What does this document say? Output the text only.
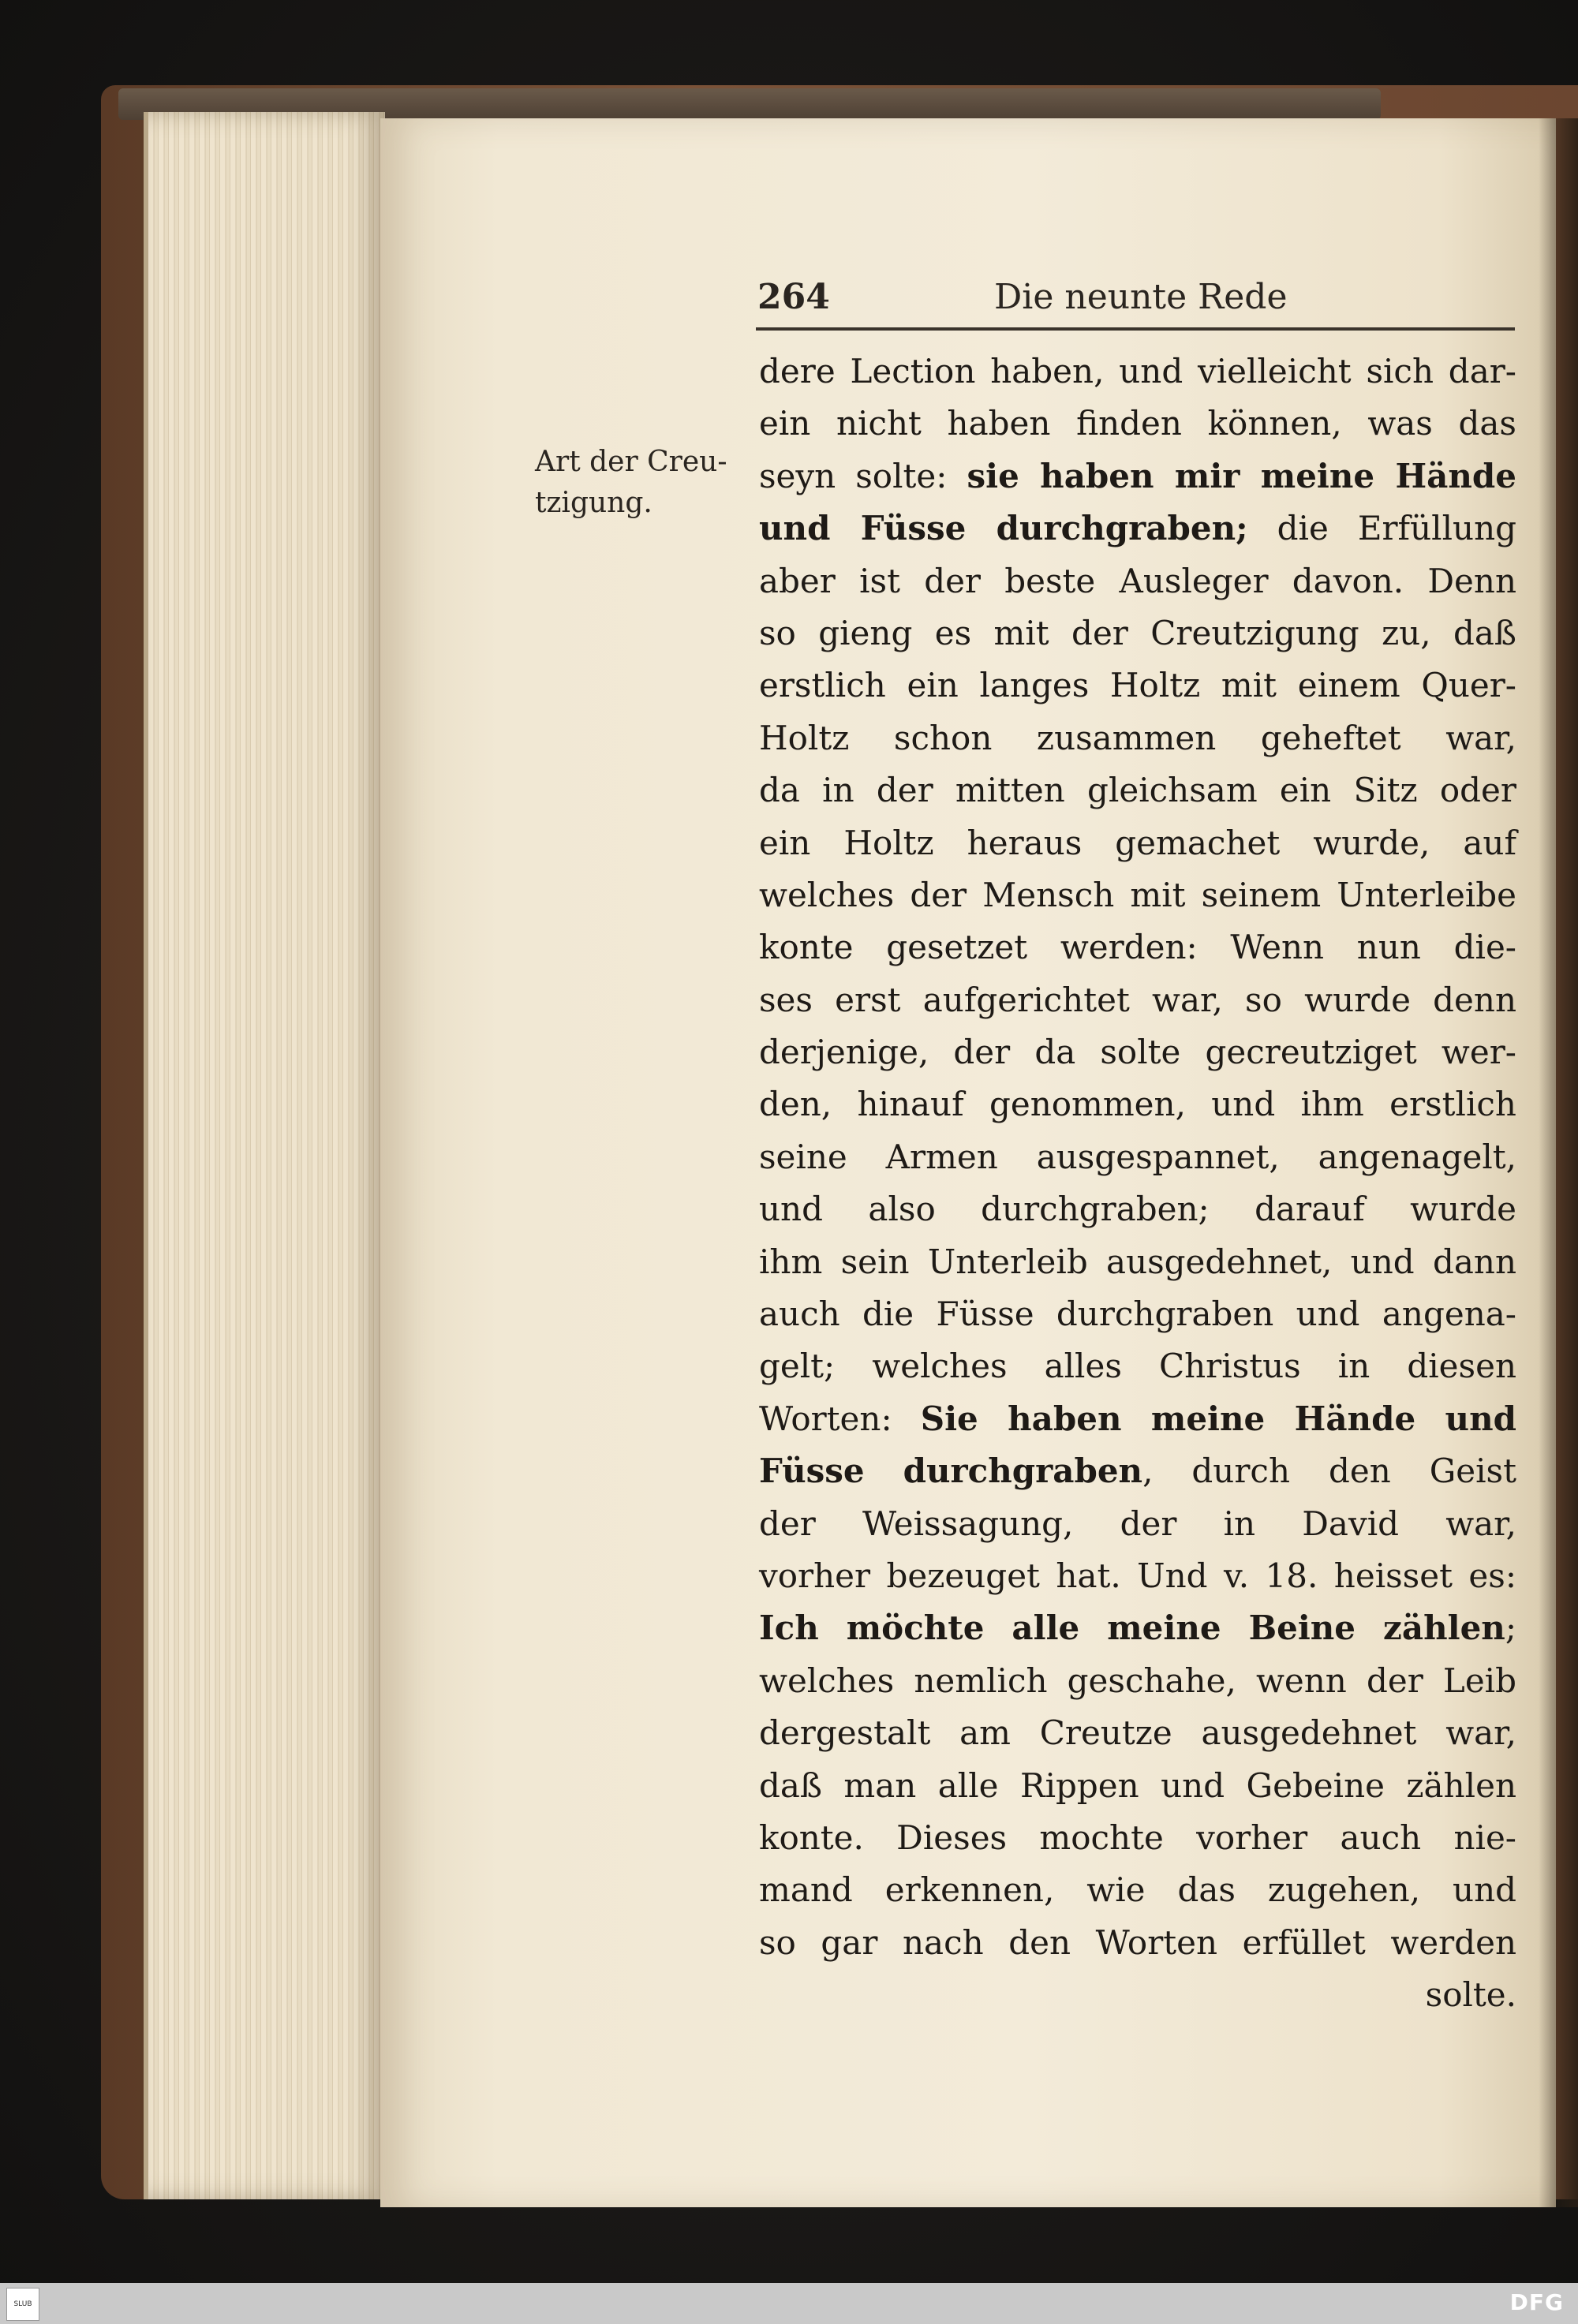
264	Die neunte Rede
Art der Creu-
tzigung.
dere Lection haben, und vielleicht sich dar-
ein nicht haben finden können, was das
seyn solte: sie haben mir meine Hände
und Füsse durchgraben; die Erfüllung
aber ist der beste Ausleger davon. Denn
so gieng es mit der Creutzigung zu, daß
erstlich ein langes Holtz mit einem Quer-
Holtz schon zusammen geheftet war,
da in der mitten gleichsam ein Sitz oder
ein Holtz heraus gemachet wurde, auf
welches der Mensch mit seinem Unterleibe
konte gesetzet werden: Wenn nun die-
ses erst aufgerichtet war, so wurde denn
derjenige, der da solte gecreutziget wer-
den, hinauf genommen, und ihm erstlich
seine Armen ausgespannet, angenagelt,
und also durchgraben; darauf wurde
ihm sein Unterleib ausgedehnet, und dann
auch die Füsse durchgraben und angena-
gelt; welches alles Christus in diesen
Worten: Sie haben meine Hände und
Füsse durchgraben, durch den Geist
der Weissagung, der in David war,
vorher bezeuget hat. Und v. 18. heisset es:
Ich möchte alle meine Beine zählen;
welches nemlich geschahe, wenn der Leib
dergestalt am Creutze ausgedehnet war,
daß man alle Rippen und Gebeine zählen
konte. Dieses mochte vorher auch nie-
mand erkennen, wie das zugehen, und
so gar nach den Worten erfüllet werden
solte.
SLUB	DFG
